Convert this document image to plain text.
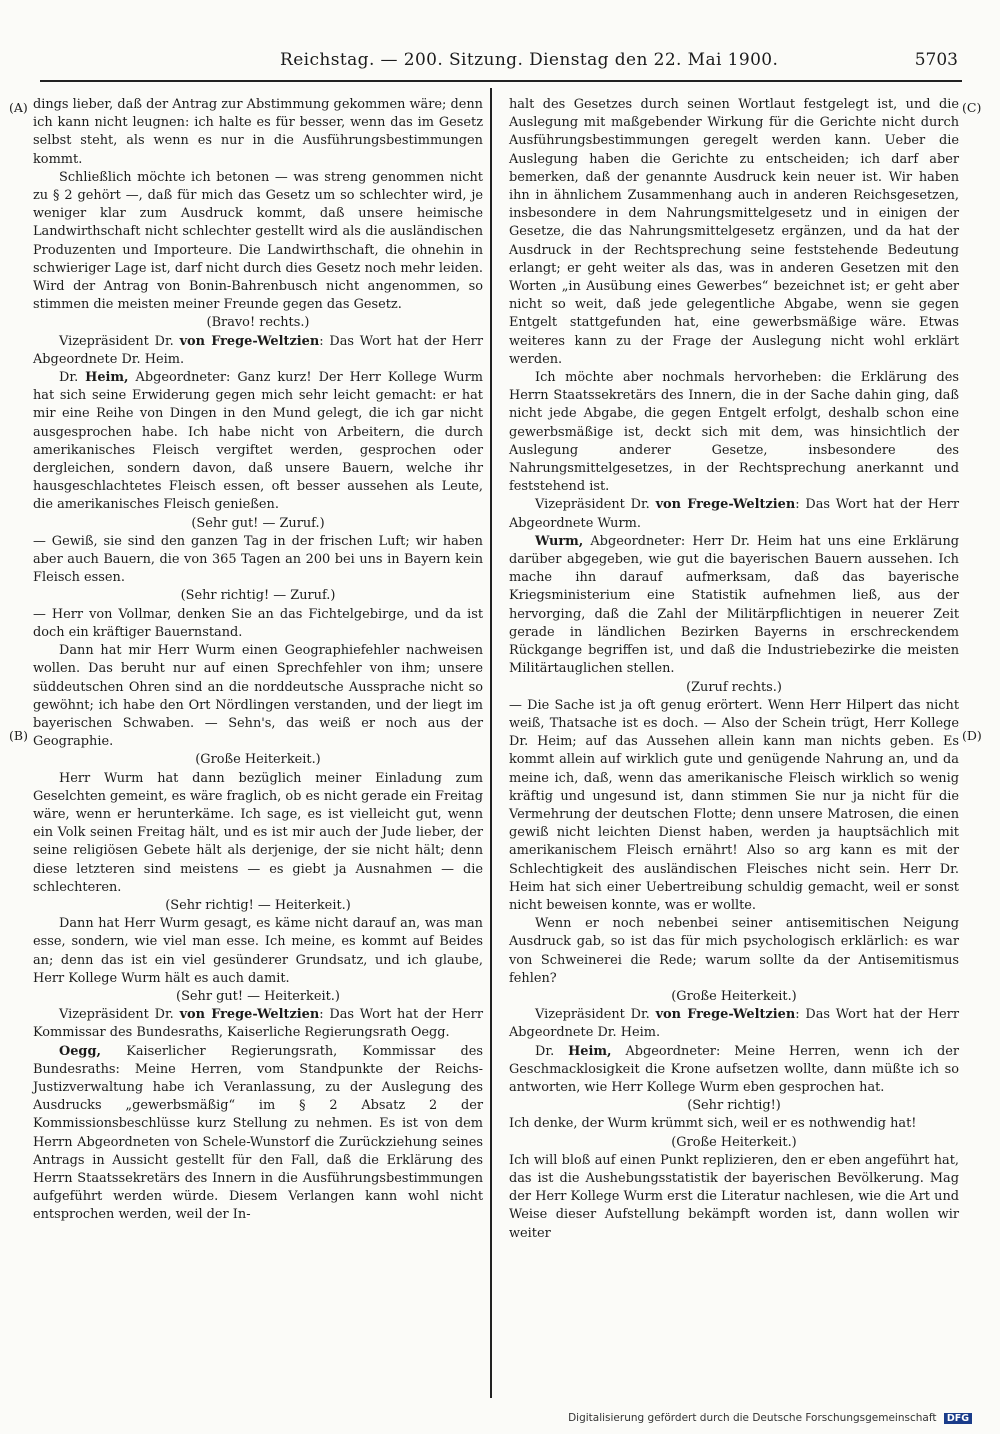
Reichstag. — 200. Sitzung. Dienstag den 22. Mai 1900.	5703
(A)
(B)
(C)
(D)

dings lieber, daß der Antrag zur Abstimmung gekommen wäre; denn ich kann nicht leugnen: ich halte es für besser, wenn das im Gesetz selbst steht, als wenn es nur in die Ausführungsbestimmungen kommt.

Schließlich möchte ich betonen — was streng genommen nicht zu § 2 gehört —, daß für mich das Gesetz um so schlechter wird, je weniger klar zum Ausdruck kommt, daß unsere heimische Landwirthschaft nicht schlechter gestellt wird als die ausländischen Produzenten und Importeure. Die Landwirthschaft, die ohnehin in schwieriger Lage ist, darf nicht durch dies Gesetz noch mehr leiden. Wird der Antrag von Bonin-Bahrenbusch nicht angenommen, so stimmen die meisten meiner Freunde gegen das Gesetz.

(Bravo! rechts.)

Vizepräsident Dr. von Frege-Weltzien: Das Wort hat der Herr Abgeordnete Dr. Heim.

Dr. Heim, Abgeordneter: Ganz kurz! Der Herr Kollege Wurm hat sich seine Erwiderung gegen mich sehr leicht gemacht: er hat mir eine Reihe von Dingen in den Mund gelegt, die ich gar nicht ausgesprochen habe. Ich habe nicht von Arbeitern, die durch amerikanisches Fleisch vergiftet werden, gesprochen oder dergleichen, sondern davon, daß unsere Bauern, welche ihr hausgeschlachtetes Fleisch essen, oft besser aussehen als Leute, die amerikanisches Fleisch genießen.

(Sehr gut! — Zuruf.)

— Gewiß, sie sind den ganzen Tag in der frischen Luft; wir haben aber auch Bauern, die von 365 Tagen an 200 bei uns in Bayern kein Fleisch essen.

(Sehr richtig! — Zuruf.)

— Herr von Vollmar, denken Sie an das Fichtelgebirge, und da ist doch ein kräftiger Bauernstand.

Dann hat mir Herr Wurm einen Geographiefehler nachweisen wollen. Das beruht nur auf einen Sprechfehler von ihm; unsere süddeutschen Ohren sind an die norddeutsche Aussprache nicht so gewöhnt; ich habe den Ort Nördlingen verstanden, und der liegt im bayerischen Schwaben. — Sehn's, das weiß er noch aus der Geographie.

(Große Heiterkeit.)

Herr Wurm hat dann bezüglich meiner Einladung zum Geselchten gemeint, es wäre fraglich, ob es nicht gerade ein Freitag wäre, wenn er herunterkäme. Ich sage, es ist vielleicht gut, wenn ein Volk seinen Freitag hält, und es ist mir auch der Jude lieber, der seine religiösen Gebete hält als derjenige, der sie nicht hält; denn diese letzteren sind meistens — es giebt ja Ausnahmen — die schlechteren.

(Sehr richtig! — Heiterkeit.)

Dann hat Herr Wurm gesagt, es käme nicht darauf an, was man esse, sondern, wie viel man esse. Ich meine, es kommt auf Beides an; denn das ist ein viel gesünderer Grundsatz, und ich glaube, Herr Kollege Wurm hält es auch damit.

(Sehr gut! — Heiterkeit.)

Vizepräsident Dr. von Frege-Weltzien: Das Wort hat der Herr Kommissar des Bundesraths, Kaiserliche Regierungsrath Oegg.

Oegg, Kaiserlicher Regierungsrath, Kommissar des Bundesraths: Meine Herren, vom Standpunkte der Reichs-Justizverwaltung habe ich Veranlassung, zu der Auslegung des Ausdrucks „gewerbsmäßig“ im § 2 Absatz 2 der Kommissionsbeschlüsse kurz Stellung zu nehmen. Es ist von dem Herrn Abgeordneten von Schele-Wunstorf die Zurückziehung seines Antrags in Aussicht gestellt für den Fall, daß die Erklärung des Herrn Staatssekretärs des Innern in die Ausführungsbestimmungen aufgeführt werden würde. Diesem Verlangen kann wohl nicht entsprochen werden, weil der In-

halt des Gesetzes durch seinen Wortlaut festgelegt ist, und die Auslegung mit maßgebender Wirkung für die Gerichte nicht durch Ausführungsbestimmungen geregelt werden kann. Ueber die Auslegung haben die Gerichte zu entscheiden; ich darf aber bemerken, daß der genannte Ausdruck kein neuer ist. Wir haben ihn in ähnlichem Zusammenhang auch in anderen Reichsgesetzen, insbesondere in dem Nahrungsmittelgesetz und in einigen der Gesetze, die das Nahrungsmittelgesetz ergänzen, und da hat der Ausdruck in der Rechtsprechung seine feststehende Bedeutung erlangt; er geht weiter als das, was in anderen Gesetzen mit den Worten „in Ausübung eines Gewerbes“ bezeichnet ist; er geht aber nicht so weit, daß jede gelegentliche Abgabe, wenn sie gegen Entgelt stattgefunden hat, eine gewerbsmäßige wäre. Etwas weiteres kann zu der Frage der Auslegung nicht wohl erklärt werden.

Ich möchte aber nochmals hervorheben: die Erklärung des Herrn Staatssekretärs des Innern, die in der Sache dahin ging, daß nicht jede Abgabe, die gegen Entgelt erfolgt, deshalb schon eine gewerbsmäßige ist, deckt sich mit dem, was hinsichtlich der Auslegung anderer Gesetze, insbesondere des Nahrungsmittelgesetzes, in der Rechtsprechung anerkannt und feststehend ist.

Vizepräsident Dr. von Frege-Weltzien: Das Wort hat der Herr Abgeordnete Wurm.

Wurm, Abgeordneter: Herr Dr. Heim hat uns eine Erklärung darüber abgegeben, wie gut die bayerischen Bauern aussehen. Ich mache ihn darauf aufmerksam, daß das bayerische Kriegsministerium eine Statistik aufnehmen ließ, aus der hervorging, daß die Zahl der Militärpflichtigen in neuerer Zeit gerade in ländlichen Bezirken Bayerns in erschreckendem Rückgange begriffen ist, und daß die Industriebezirke die meisten Militärtauglichen stellen.

(Zuruf rechts.)

— Die Sache ist ja oft genug erörtert. Wenn Herr Hilpert das nicht weiß, Thatsache ist es doch. — Also der Schein trügt, Herr Kollege Dr. Heim; auf das Aussehen allein kann man nichts geben. Es kommt allein auf wirklich gute und genügende Nahrung an, und da meine ich, daß, wenn das amerikanische Fleisch wirklich so wenig kräftig und ungesund ist, dann stimmen Sie nur ja nicht für die Vermehrung der deutschen Flotte; denn unsere Matrosen, die einen gewiß nicht leichten Dienst haben, werden ja hauptsächlich mit amerikanischem Fleisch ernährt! Also so arg kann es mit der Schlechtigkeit des ausländischen Fleisches nicht sein. Herr Dr. Heim hat sich einer Uebertreibung schuldig gemacht, weil er sonst nicht beweisen konnte, was er wollte.

Wenn er noch nebenbei seiner antisemitischen Neigung Ausdruck gab, so ist das für mich psychologisch erklärlich: es war von Schweinerei die Rede; warum sollte da der Antisemitismus fehlen?

(Große Heiterkeit.)

Vizepräsident Dr. von Frege-Weltzien: Das Wort hat der Herr Abgeordnete Dr. Heim.

Dr. Heim, Abgeordneter: Meine Herren, wenn ich der Geschmacklosigkeit die Krone aufsetzen wollte, dann müßte ich so antworten, wie Herr Kollege Wurm eben gesprochen hat.

(Sehr richtig!)

Ich denke, der Wurm krümmt sich, weil er es nothwendig hat!

(Große Heiterkeit.)

Ich will bloß auf einen Punkt replizieren, den er eben angeführt hat, das ist die Aushebungsstatistik der bayerischen Bevölkerung. Mag der Herr Kollege Wurm erst die Literatur nachlesen, wie die Art und Weise dieser Aufstellung bekämpft worden ist, dann wollen wir weiter

Digitalisierung gefördert durch die Deutsche Forschungsgemeinschaft DFG
